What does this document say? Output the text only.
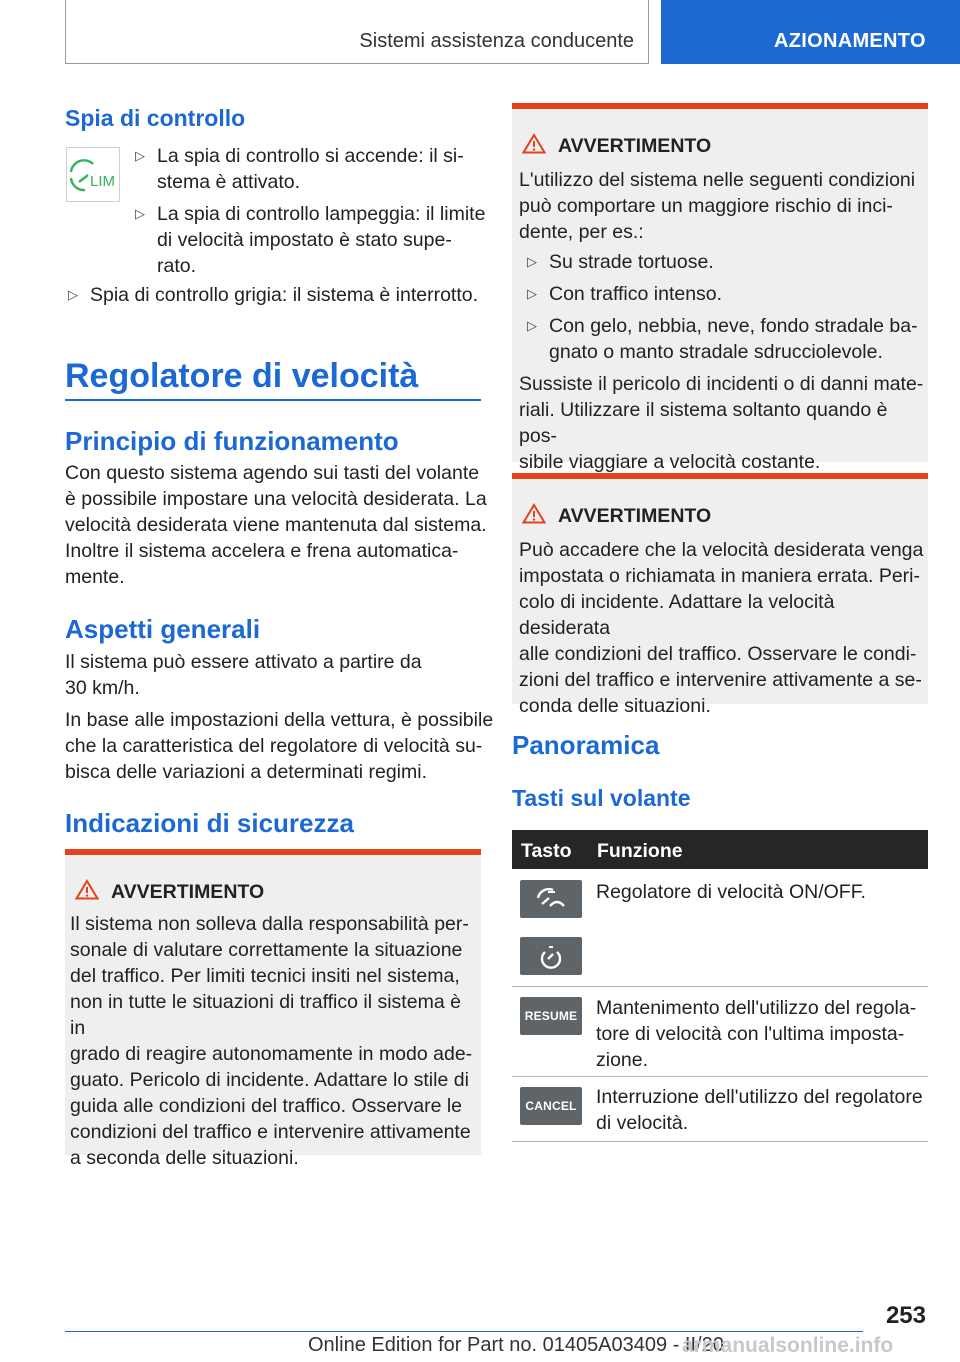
Sistemi assistenza conducente	AZIONAMENTO
Spia di controllo
LIM
▷ La spia di controllo si accende: il si-
stema è attivato.
▷ La spia di controllo lampeggia: il limite
di velocità impostato è stato supe-
rato.
▷ Spia di controllo grigia: il sistema è interrotto.
Regolatore di velocità
Principio di funzionamento
Con questo sistema agendo sui tasti del volante
è possibile impostare una velocità desiderata. La
velocità desiderata viene mantenuta dal sistema.
Inoltre il sistema accelera e frena automatica-
mente.
Aspetti generali
Il sistema può essere attivato a partire da
30 km/h.
In base alle impostazioni della vettura, è possibile
che la caratteristica del regolatore di velocità su-
bisca delle variazioni a determinati regimi.
Indicazioni di sicurezza
AVVERTIMENTO
Il sistema non solleva dalla responsabilità per-
sonale di valutare correttamente la situazione
del traffico. Per limiti tecnici insiti nel sistema,
non in tutte le situazioni di traffico il sistema è in
grado di reagire autonomamente in modo ade-
guato. Pericolo di incidente. Adattare lo stile di
guida alle condizioni del traffico. Osservare le
condizioni del traffico e intervenire attivamente
a seconda delle situazioni.
AVVERTIMENTO
L'utilizzo del sistema nelle seguenti condizioni
può comportare un maggiore rischio di inci-
dente, per es.:
▷ Su strade tortuose.
▷ Con traffico intenso.
▷ Con gelo, nebbia, neve, fondo stradale ba-
gnato o manto stradale sdrucciolevole.
Sussiste il pericolo di incidenti o di danni mate-
riali. Utilizzare il sistema soltanto quando è pos-
sibile viaggiare a velocità costante.
AVVERTIMENTO
Può accadere che la velocità desiderata venga
impostata o richiamata in maniera errata. Peri-
colo di incidente. Adattare la velocità desiderata
alle condizioni del traffico. Osservare le condi-
zioni del traffico e intervenire attivamente a se-
conda delle situazioni.
Panoramica
Tasti sul volante
Tasto Funzione
Regolatore di velocità ON/OFF.
RESUME Mantenimento dell'utilizzo del regola-
tore di velocità con l'ultima imposta-
zione.
CANCEL Interruzione dell'utilizzo del regolatore
di velocità.
253
Online Edition for Part no. 01405A03409 - II/20
armanualsonline.info
